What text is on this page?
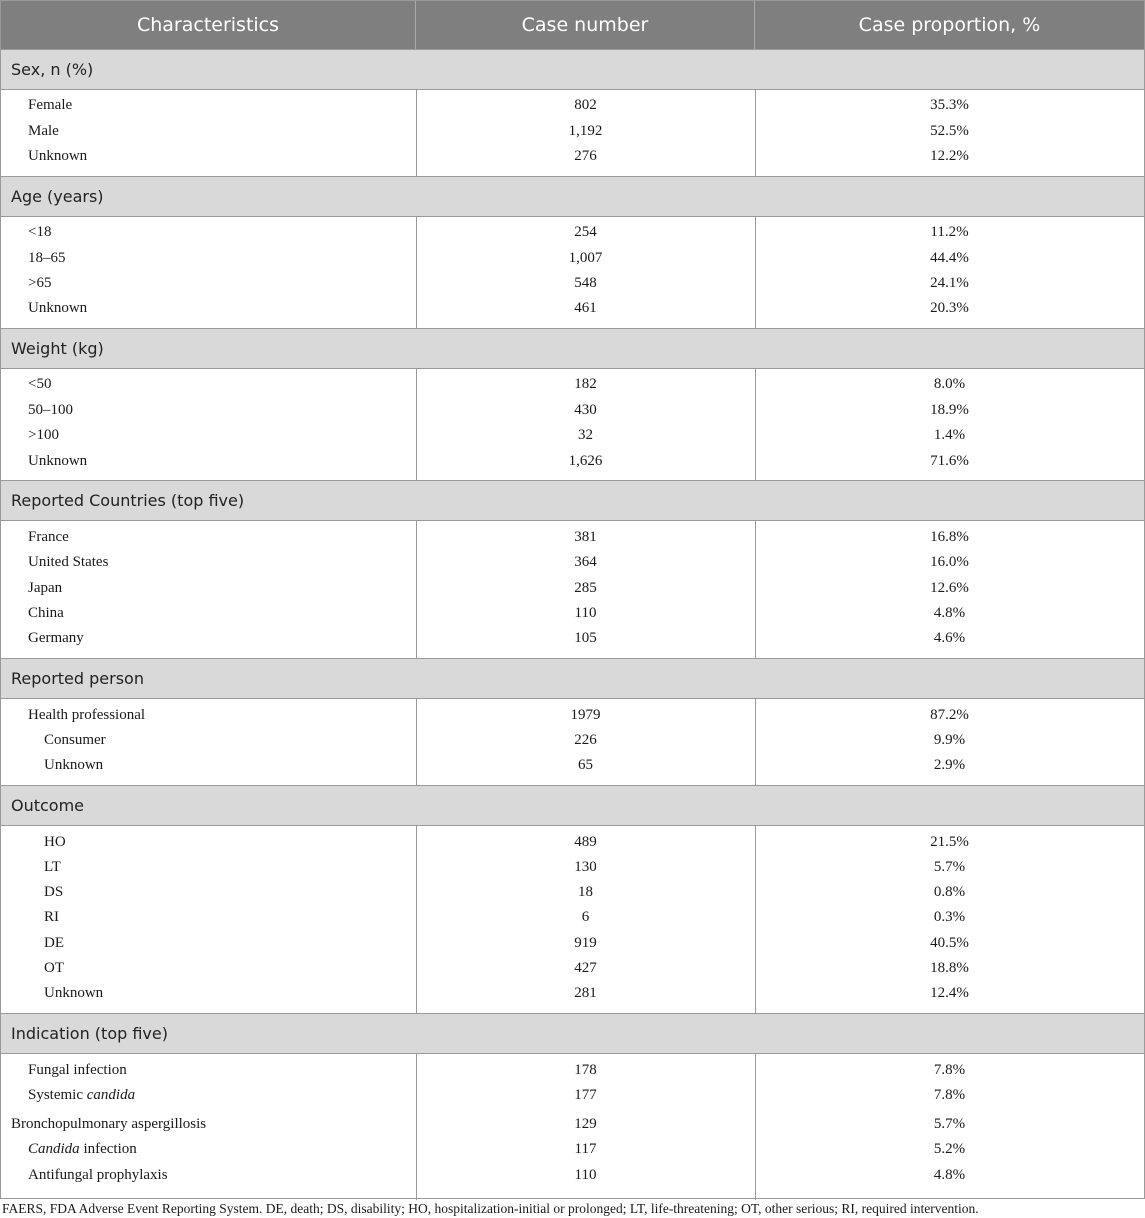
Characteristics	Case number	Case proportion, %
Sex, n (%)
Female	802	35.3%
Male	1,192	52.5%
Unknown	276	12.2%
Age (years)
<18	254	11.2%
18–65	1,007	44.4%
>65	548	24.1%
Unknown	461	20.3%
Weight (kg)
<50	182	8.0%
50–100	430	18.9%
>100	32	1.4%
Unknown	1,626	71.6%
Reported Countries (top five)
France	381	16.8%
United States	364	16.0%
Japan	285	12.6%
China	110	4.8%
Germany	105	4.6%
Reported person
Health professional	1979	87.2%
Consumer	226	9.9%
Unknown	65	2.9%
Outcome
HO	489	21.5%
LT	130	5.7%
DS	18	0.8%
RI	6	0.3%
DE	919	40.5%
OT	427	18.8%
Unknown	281	12.4%
Indication (top five)
Fungal infection	178	7.8%
Systemic candida	177	7.8%
Bronchopulmonary aspergillosis	129	5.7%
Candida infection	117	5.2%
Antifungal prophylaxis	110	4.8%
FAERS, FDA Adverse Event Reporting System. DE, death; DS, disability; HO, hospitalization-initial or prolonged; LT, life-threatening; OT, other serious; RI, required intervention.
